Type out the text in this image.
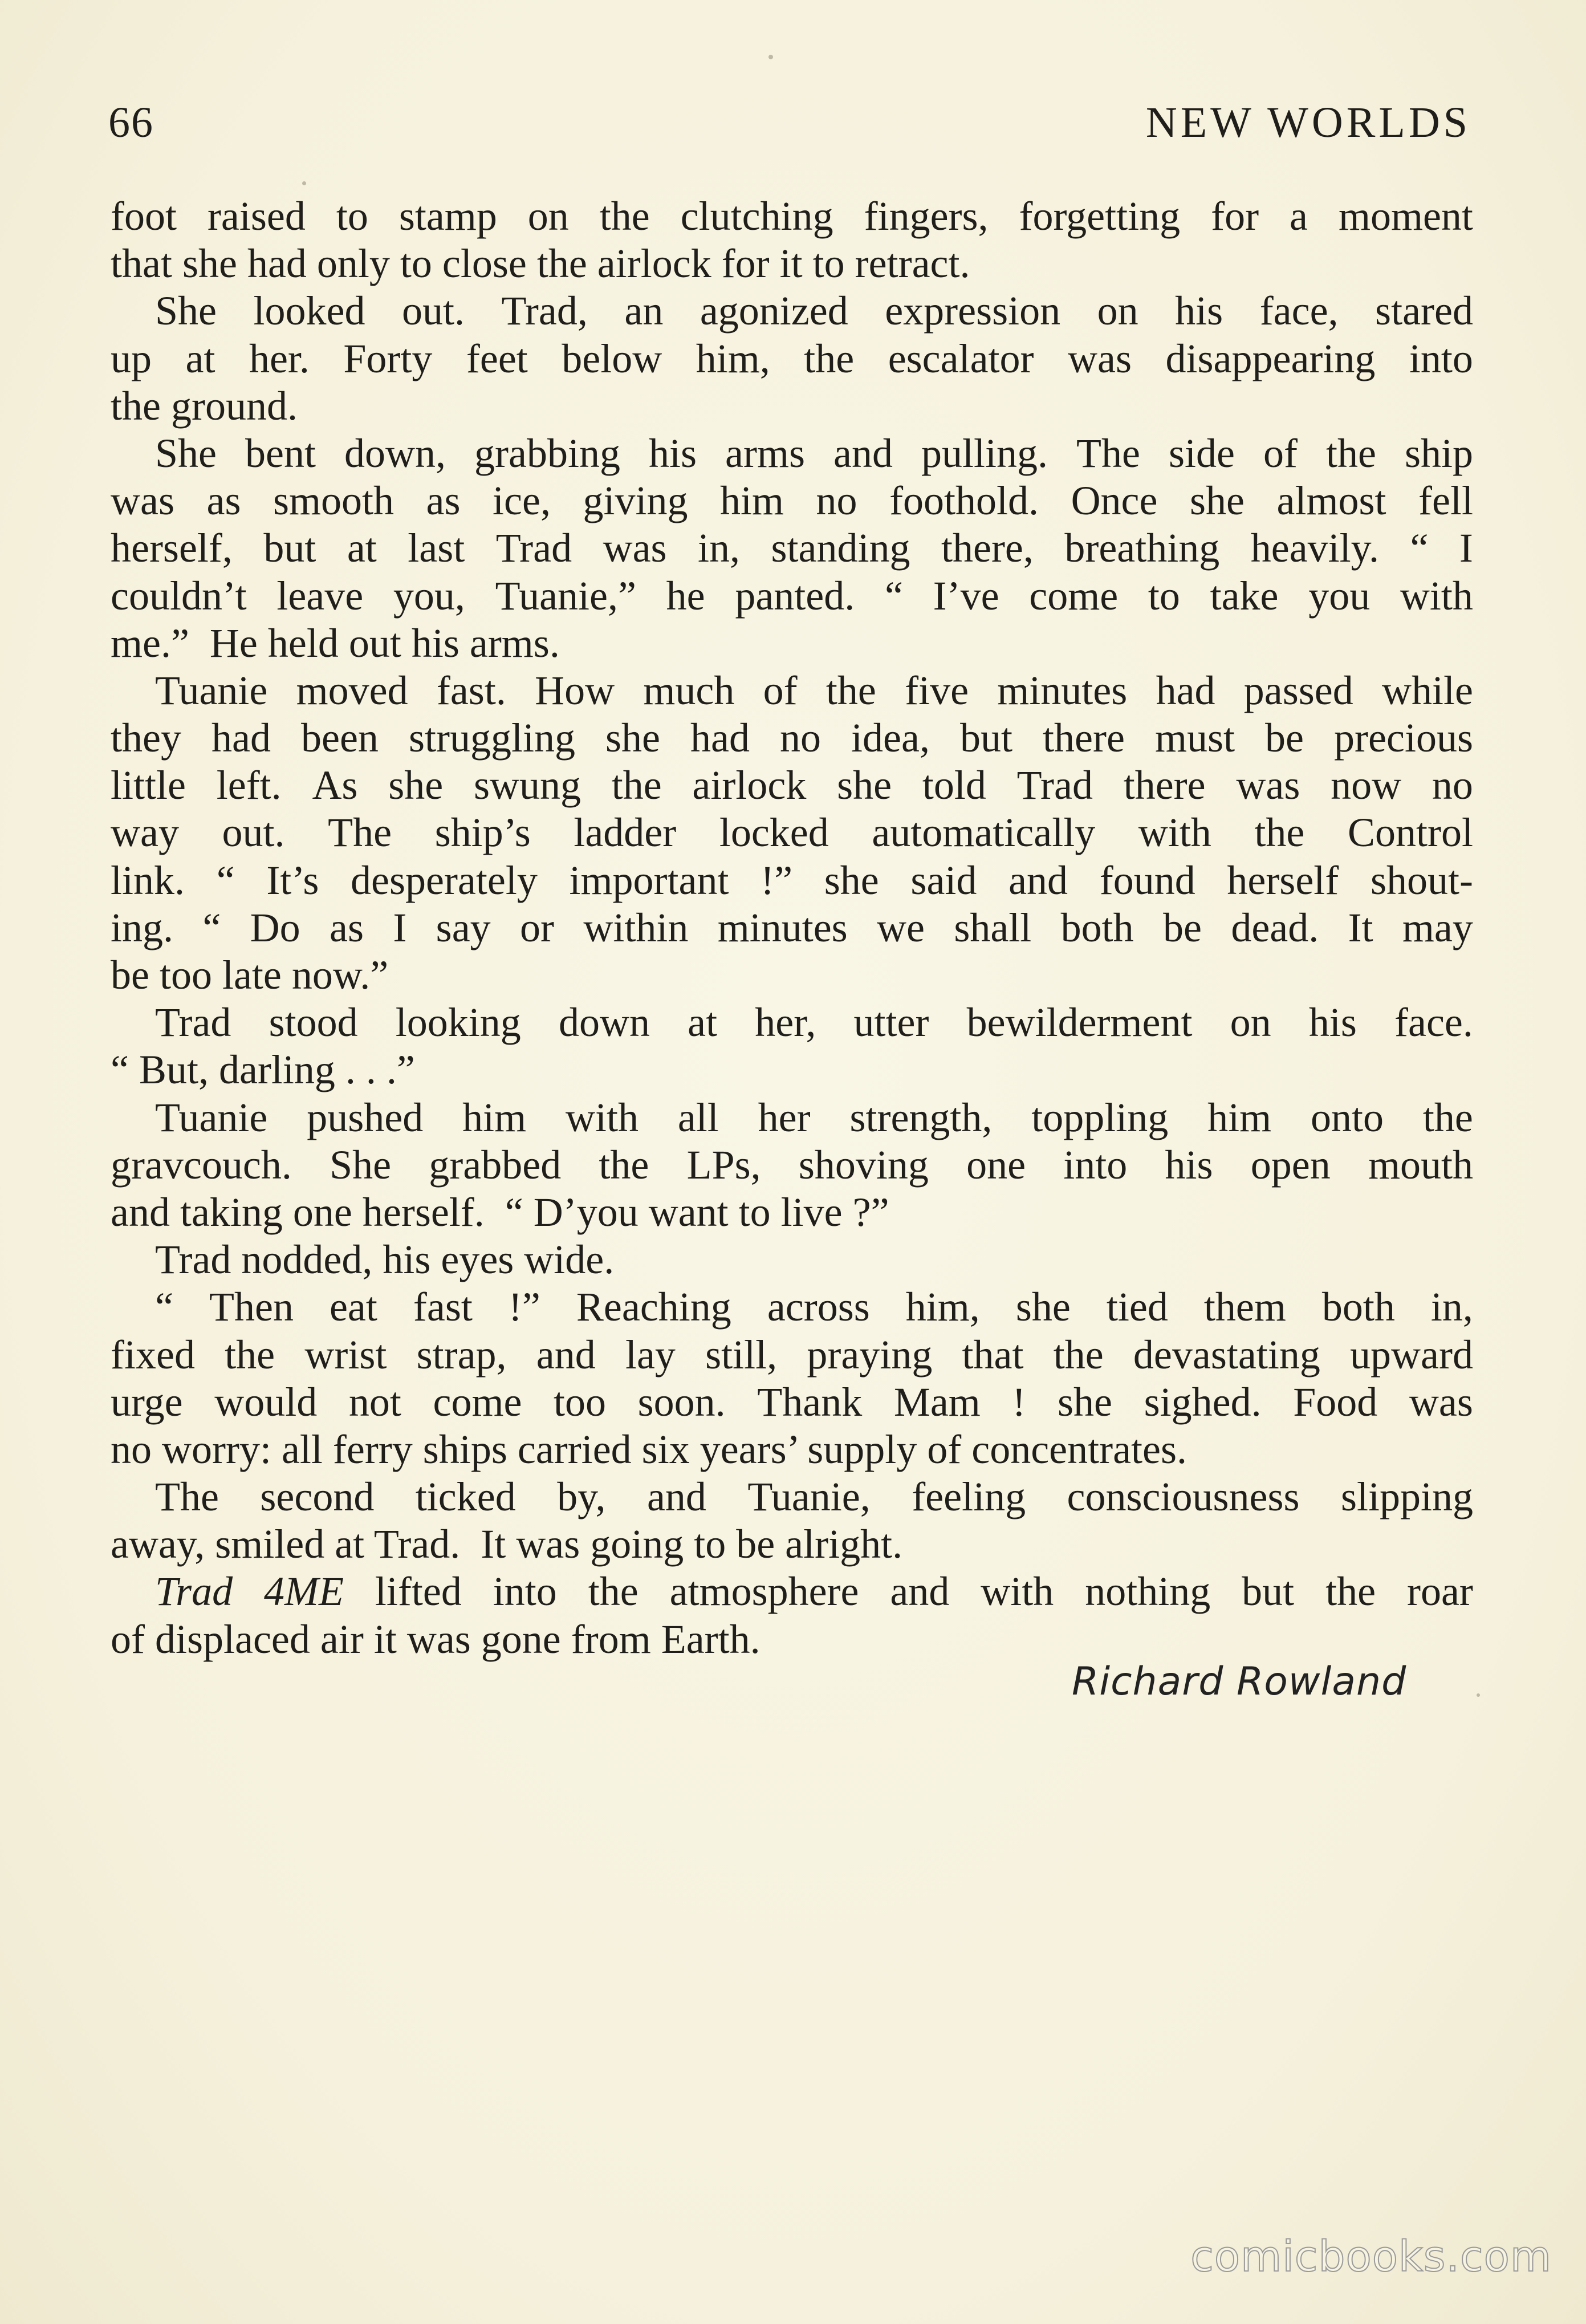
66	NEW WORLDS
foot raised to stamp on the clutching fingers, forgetting for a moment
that she had only to close the airlock for it to retract.
She looked out. Trad, an agonized expression on his face, stared
up at her. Forty feet below him, the escalator was disappearing into
the ground.
She bent down, grabbing his arms and pulling. The side of the ship
was as smooth as ice, giving him no foothold. Once she almost fell
herself, but at last Trad was in, standing there, breathing heavily. “ I
couldn’t leave you, Tuanie,” he panted. “ I’ve come to take you with
me.”  He held out his arms.
Tuanie moved fast. How much of the five minutes had passed while
they had been struggling she had no idea, but there must be precious
little left. As she swung the airlock she told Trad there was now no
way out. The ship’s ladder locked automatically with the Control
link. “ It’s desperately important !” she said and found herself shout-
ing. “ Do as I say or within minutes we shall both be dead. It may
be too late now.”
Trad stood looking down at her, utter bewilderment on his face.
“ But, darling . . .”
Tuanie pushed him with all her strength, toppling him onto the
gravcouch. She grabbed the LPs, shoving one into his open mouth
and taking one herself.  “ D’you want to live ?”
Trad nodded, his eyes wide.
“ Then eat fast !” Reaching across him, she tied them both in,
fixed the wrist strap, and lay still, praying that the devastating upward
urge would not come too soon. Thank Mam ! she sighed. Food was
no worry: all ferry ships carried six years’ supply of concentrates.
The second ticked by, and Tuanie, feeling consciousness slipping
away, smiled at Trad.  It was going to be alright.
Trad 4ME lifted into the atmosphere and with nothing but the roar
of displaced air it was gone from Earth.
Richard Rowland
comicbooks.com
